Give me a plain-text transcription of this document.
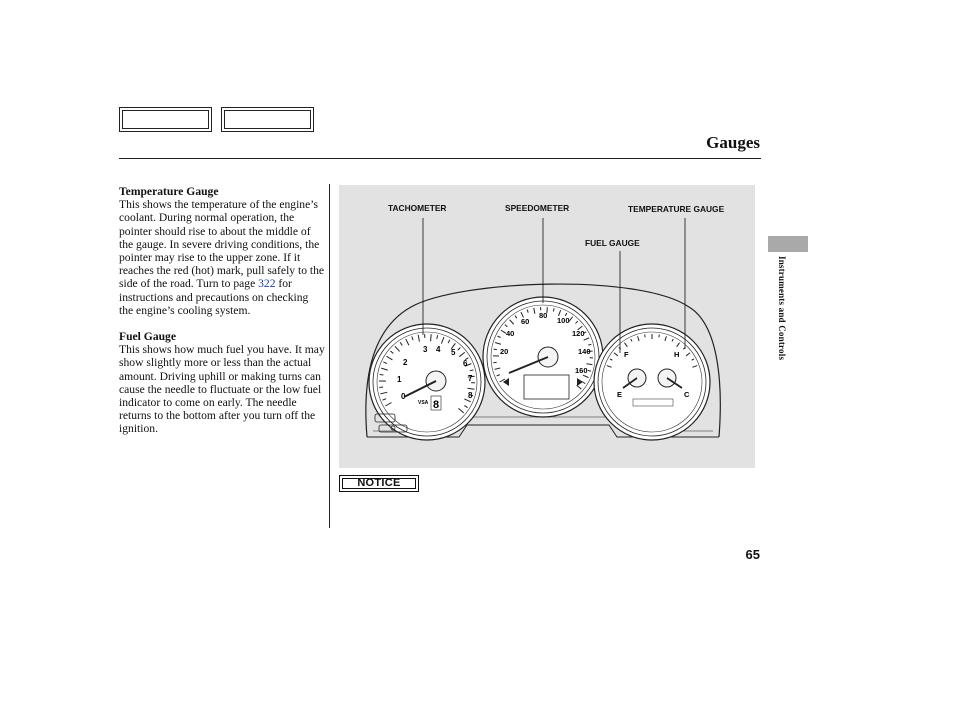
Gauges
Instruments and Controls
Temperature Gauge

This shows the temperature of the engine’s coolant. During normal operation, the pointer should rise to about the middle of the gauge. In severe driving conditions, the pointer may rise to the upper zone. If it reaches the red (hot) mark, pull safely to the side of the road. Turn to page 322 for instructions and precautions on checking the engine’s cooling system.

Fuel Gauge

This shows how much fuel you have. It may show slightly more or less than the actual amount. Driving uphill or making turns can cause the needle to fluctuate or the low fuel indicator to come on early. The needle returns to the bottom after you turn off the ignition.

3 4 5
6
7
8
2
1
0
8
VSA
20
40
60
80
100
120
140
160
F
E
H
C
TACHOMETER	SPEEDOMETER	TEMPERATURE GAUGE
FUEL GAUGE
NOTICE
65
